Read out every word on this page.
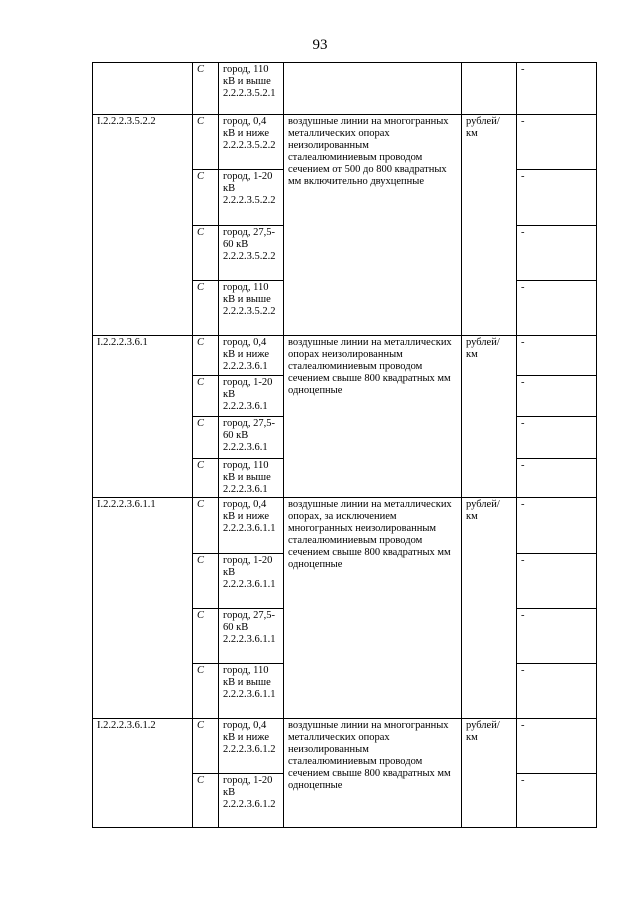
93
	С	город, 110 кВ и выше 2.2.2.3.5.2.1			-
I.2.2.2.3.5.2.2	С	город, 0,4 кВ и ниже 2.2.2.3.5.2.2	воздушные линии на многогранных металлических опорах неизолированным сталеалюминиевым проводом сечением от 500 до 800 квадратных мм включительно двухцепные	рублей/ км	-
	С	город, 1-20 кВ 2.2.2.3.5.2.2			-
	С	город, 27,5-60 кВ 2.2.2.3.5.2.2			-
	С	город, 110 кВ и выше 2.2.2.3.5.2.2			-
I.2.2.2.3.6.1	С	город, 0,4 кВ и ниже 2.2.2.3.6.1	воздушные линии на металлических опорах неизолированным сталеалюминиевым проводом сечением свыше 800 квадратных мм одноцепные	рублей/ км	-
	С	город, 1-20 кВ 2.2.2.3.6.1			-
	С	город, 27,5-60 кВ 2.2.2.3.6.1			-
	С	город, 110 кВ и выше 2.2.2.3.6.1			-
I.2.2.2.3.6.1.1	С	город, 0,4 кВ и ниже 2.2.2.3.6.1.1	воздушные линии на металлических опорах, за исключением многогранных неизолированным сталеалюминиевым проводом сечением свыше 800 квадратных мм одноцепные	рублей/ км	-
	С	город, 1-20 кВ 2.2.2.3.6.1.1			-
	С	город, 27,5-60 кВ 2.2.2.3.6.1.1			-
	С	город, 110 кВ и выше 2.2.2.3.6.1.1			-
I.2.2.2.3.6.1.2	С	город, 0,4 кВ и ниже 2.2.2.3.6.1.2	воздушные линии на многогранных металлических опорах неизолированным сталеалюминиевым проводом сечением свыше 800 квадратных мм одноцепные	рублей/ км	-
	С	город, 1-20 кВ 2.2.2.3.6.1.2			-
